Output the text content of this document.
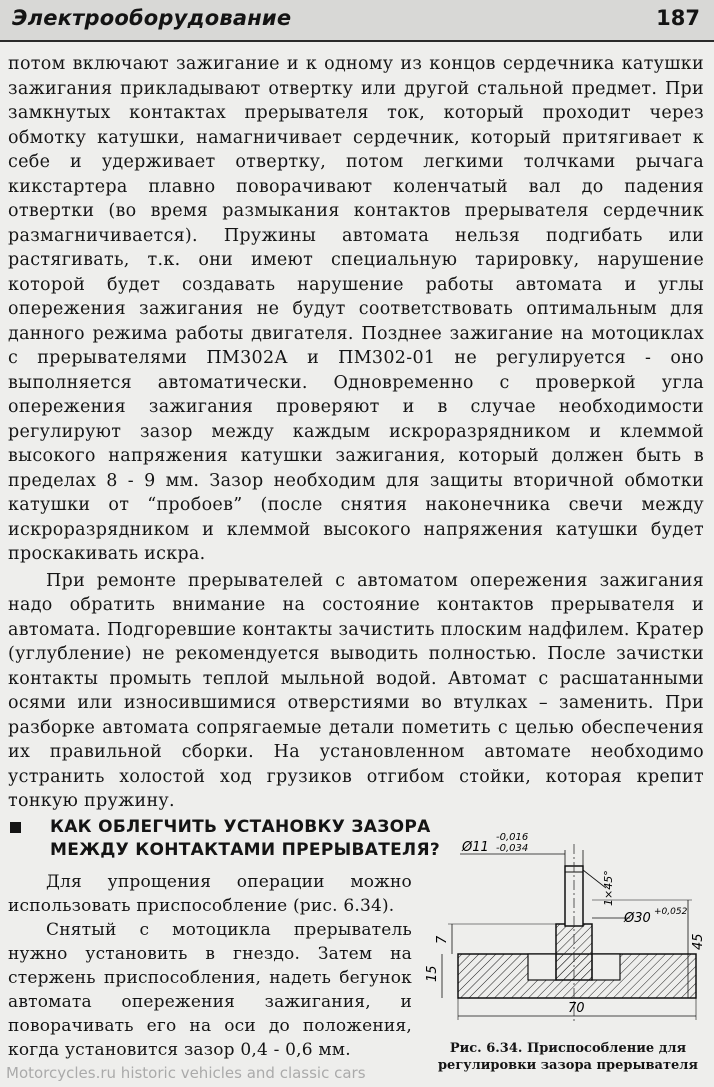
Электрооборудование	187

потом включают зажигание и к одному из концов сердечника катушки зажигания прикладывают отвертку или другой стальной предмет. При замкнутых контактах прерывателя ток, который проходит через обмотку катушки, намагничивает сердечник, который притягивает к себе и удерживает отвертку, потом легкими толчками рычага кикстартера плавно поворачивают коленчатый вал до падения отвертки (во время размыкания контактов прерывателя сердечник размагничивается). Пружины автомата нельзя подгибать или растягивать, т.к. они имеют специальную тарировку, нарушение которой будет создавать нарушение работы автомата и углы опережения зажигания не будут соответствовать оптимальным для данного режима работы двигателя. Позднее зажигание на мотоциклах с прерывателями ПМ302А и ПМ302-01 не регулируется - оно выполняется автоматически. Одновременно с проверкой угла опережения зажигания проверяют и в случае необходимости регулируют зазор между каждым искроразрядником и клеммой высокого напряжения катушки зажигания, который должен быть в пределах 8 - 9 мм. Зазор необходим для защиты вторичной обмотки катушки от “пробоев” (после снятия наконечника свечи между искроразрядником и клеммой высокого напряжения катушки будет проскакивать искра.

При ремонте прерывателей с автоматом опережения зажигания надо обратить внимание на состояние контактов прерывателя и автомата. Подгоревшие контакты зачистить плоским надфилем. Кратер (углубление) не рекомендуется выводить полностью. После зачистки контакты промыть теплой мыльной водой. Автомат с расшатанными осями или износившимися отверстиями во втулках – заменить. При разборке автомата сопрягаемые детали пометить с целью обеспечения их правильной сборки. На установленном автомате необходимо устранить холостой ход грузиков отгибом стойки, которая крепит тонкую пружину.

КАК ОБЛЕГЧИТЬ УСТАНОВКУ ЗАЗОРА
МЕЖДУ КОНТАКТАМИ ПРЕРЫВАТЕЛЯ?

Для упрощения операции можно использовать приспособление (рис. 6.34).

Снятый с мотоцикла прерыватель нужно установить в гнездо. Затем на стержень приспособления, надеть бегунок автомата опережения зажигания, и поворачивать его на оси до положения, когда установится зазор 0,4 - 0,6 мм.

Ø11
-0,016
-0,034
1×45°
Ø30 +0,052
45
7
15
70
Рис. 6.34. Приспособление для
регулировки зазора прерывателя
Motorcycles.ru historic vehicles and classic cars
